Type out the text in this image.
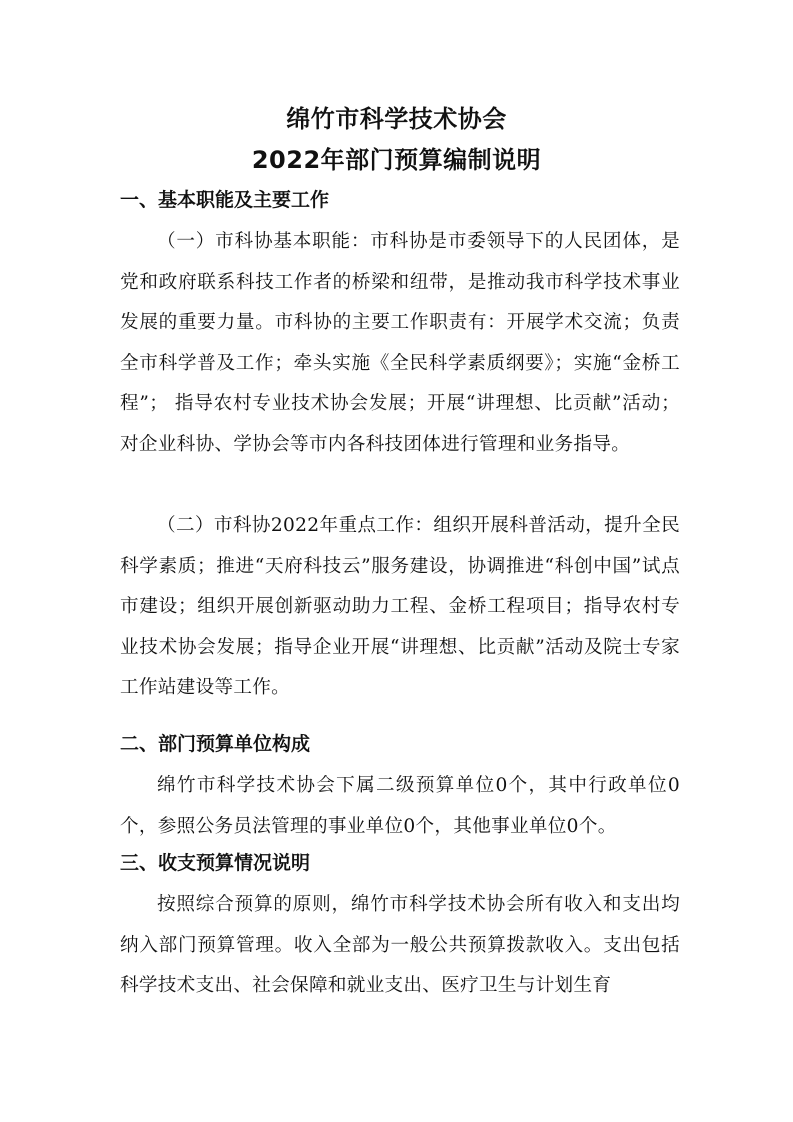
绵竹市科学技术协会
2022年部门预算编制说明
一、基本职能及主要工作

（一）市科协基本职能：市科协是市委领导下的人民团体，是党和政府联系科技工作者的桥梁和纽带，是推动我市科学技术事业发展的重要力量。市科协的主要工作职责有：开展学术交流；负责全市科学普及工作；牵头实施《全民科学素质纲要》；实施“金桥工程”； 指导农村专业技术协会发展；开展“讲理想、比贡献”活动；对企业科协、学协会等市内各科技团体进行管理和业务指导。

（二）市科协2022年重点工作：组织开展科普活动，提升全民科学素质；推进“天府科技云”服务建设，协调推进“科创中国”试点市建设；组织开展创新驱动助力工程、金桥工程项目；指导农村专业技术协会发展；指导企业开展“讲理想、比贡献”活动及院士专家工作站建设等工作。

二、部门预算单位构成

绵竹市科学技术协会下属二级预算单位0个，其中行政单位0个，参照公务员法管理的事业单位0个，其他事业单位0个。

三、收支预算情况说明

按照综合预算的原则，绵竹市科学技术协会所有收入和支出均纳入部门预算管理。收入全部为一般公共预算拨款收入。支出包括科学技术支出、社会保障和就业支出、医疗卫生与计划生育
